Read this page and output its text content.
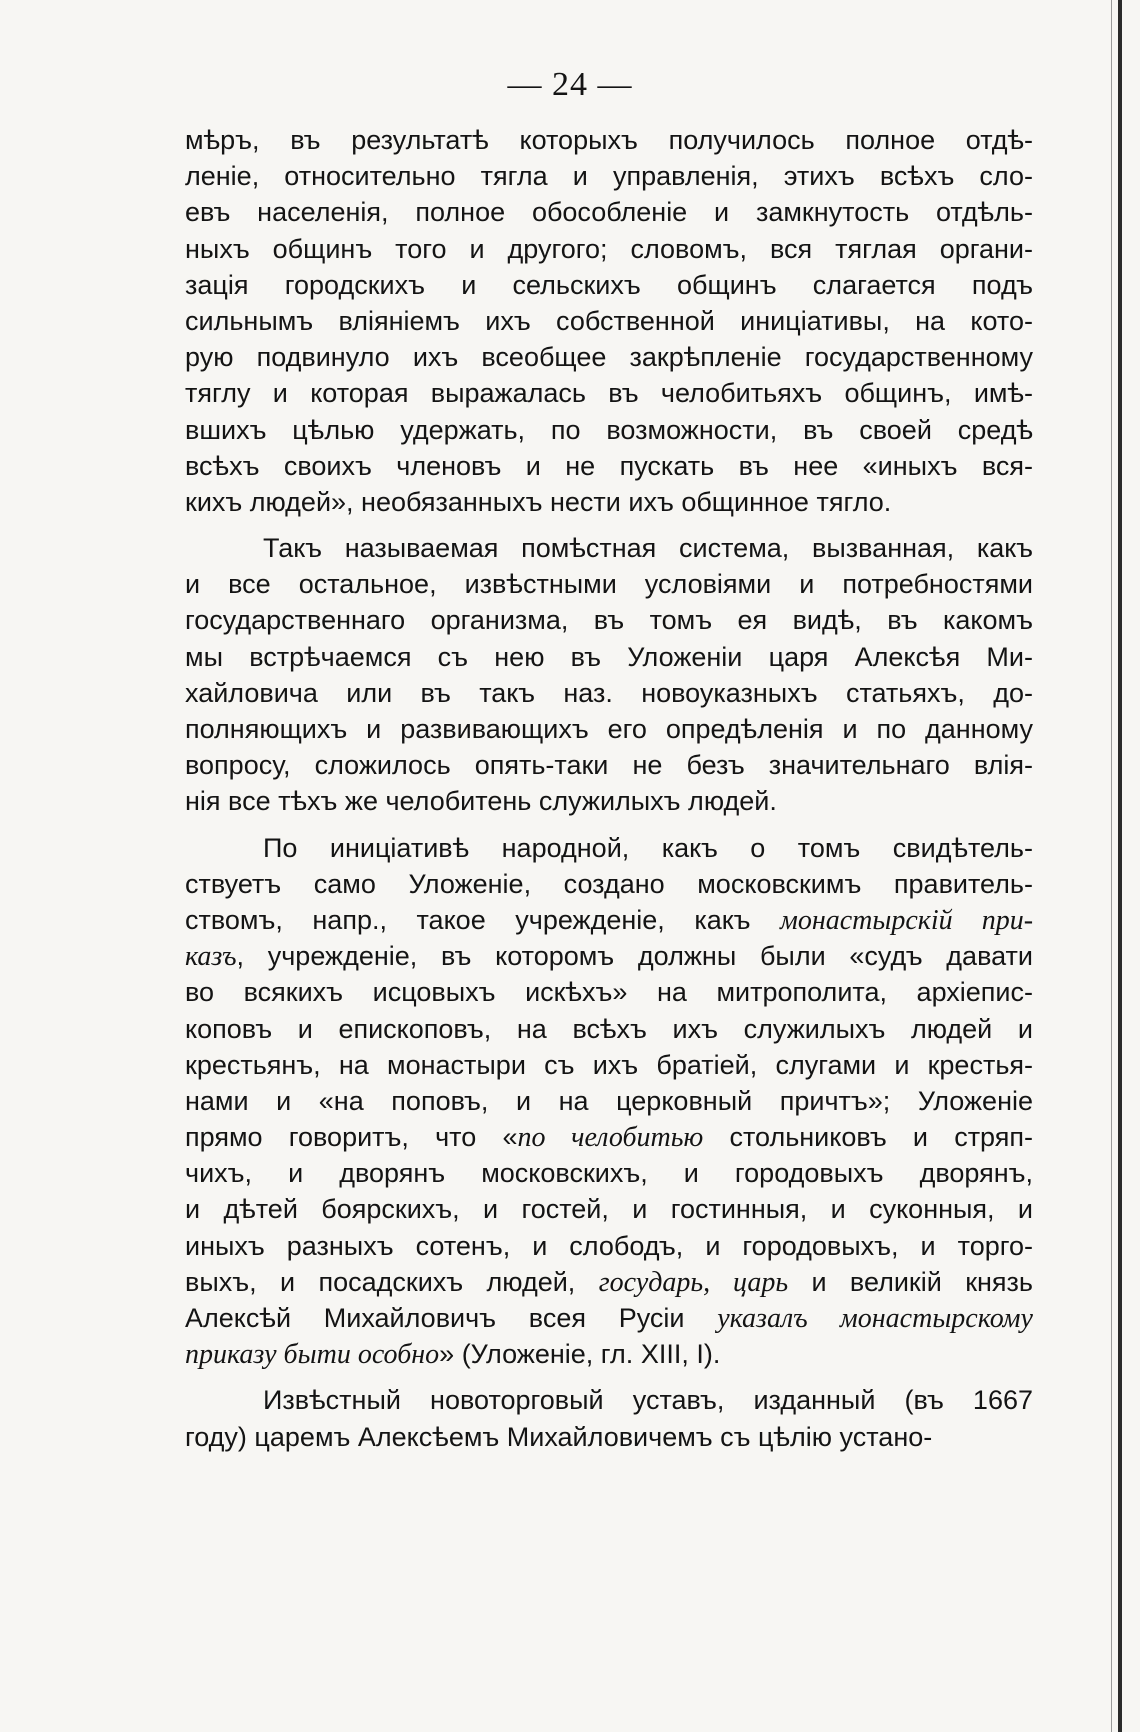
— 24 —
мѣръ, въ результатѣ которыхъ получилось полное отдѣ-
леніе, относительно тягла и управленія, этихъ всѣхъ сло-
евъ населенія, полное обособленіе и замкнутость отдѣль-
ныхъ общинъ того и другого; словомъ, вся тяглая органи-
зація городскихъ и сельскихъ общинъ слагается подъ
сильнымъ вліяніемъ ихъ собственной иниціативы, на кото-
рую подвинуло ихъ всеобщее закрѣпленіе государственному
тяглу и которая выражалась въ челобитьяхъ общинъ, имѣ-
вшихъ цѣлью удержать, по возможности, въ своей средѣ
всѣхъ своихъ членовъ и не пускать въ нее «иныхъ вся-
кихъ людей», необязанныхъ нести ихъ общинное тягло.
Такъ называемая помѣстная система, вызванная, какъ
и все остальное, извѣстными условіями и потребностями
государственнаго организма, въ томъ ея видѣ, въ какомъ
мы встрѣчаемся съ нею въ Уложеніи царя Алексѣя Ми-
хайловича или въ такъ наз. новоуказныхъ статьяхъ, до-
полняющихъ и развивающихъ его опредѣленія и по данному
вопросу, сложилось опять-таки не безъ значительнаго влія-
нія все тѣхъ же челобитень служилыхъ людей.
По иниціативѣ народной, какъ о томъ свидѣтель-
ствуетъ само Уложеніе, создано московскимъ правитель-
ствомъ, напр., такое учрежденіе, какъ монастырскій при-
казъ, учрежденіе, въ которомъ должны были «судъ давати
во всякихъ исцовыхъ искѣхъ» на митрополита, архіепис-
коповъ и епископовъ, на всѣхъ ихъ служилыхъ людей и
крестьянъ, на монастыри съ ихъ братіей, слугами и крестья-
нами и «на поповъ, и на церковный причтъ»; Уложеніе
прямо говоритъ, что «по челобитью стольниковъ и стряп-
чихъ, и дворянъ московскихъ, и городовыхъ дворянъ,
и дѣтей боярскихъ, и гостей, и гостинныя, и суконныя, и
иныхъ разныхъ сотенъ, и слободъ, и городовыхъ, и торго-
выхъ, и посадскихъ людей, государь, царь и великій князь
Алексѣй Михайловичъ всея Русіи указалъ монастырскому
приказу быти особно» (Уложеніе, гл. XIII, I).
Извѣстный новоторговый уставъ, изданный (въ 1667
году) царемъ Алексѣемъ Михайловичемъ съ цѣлію устано-
